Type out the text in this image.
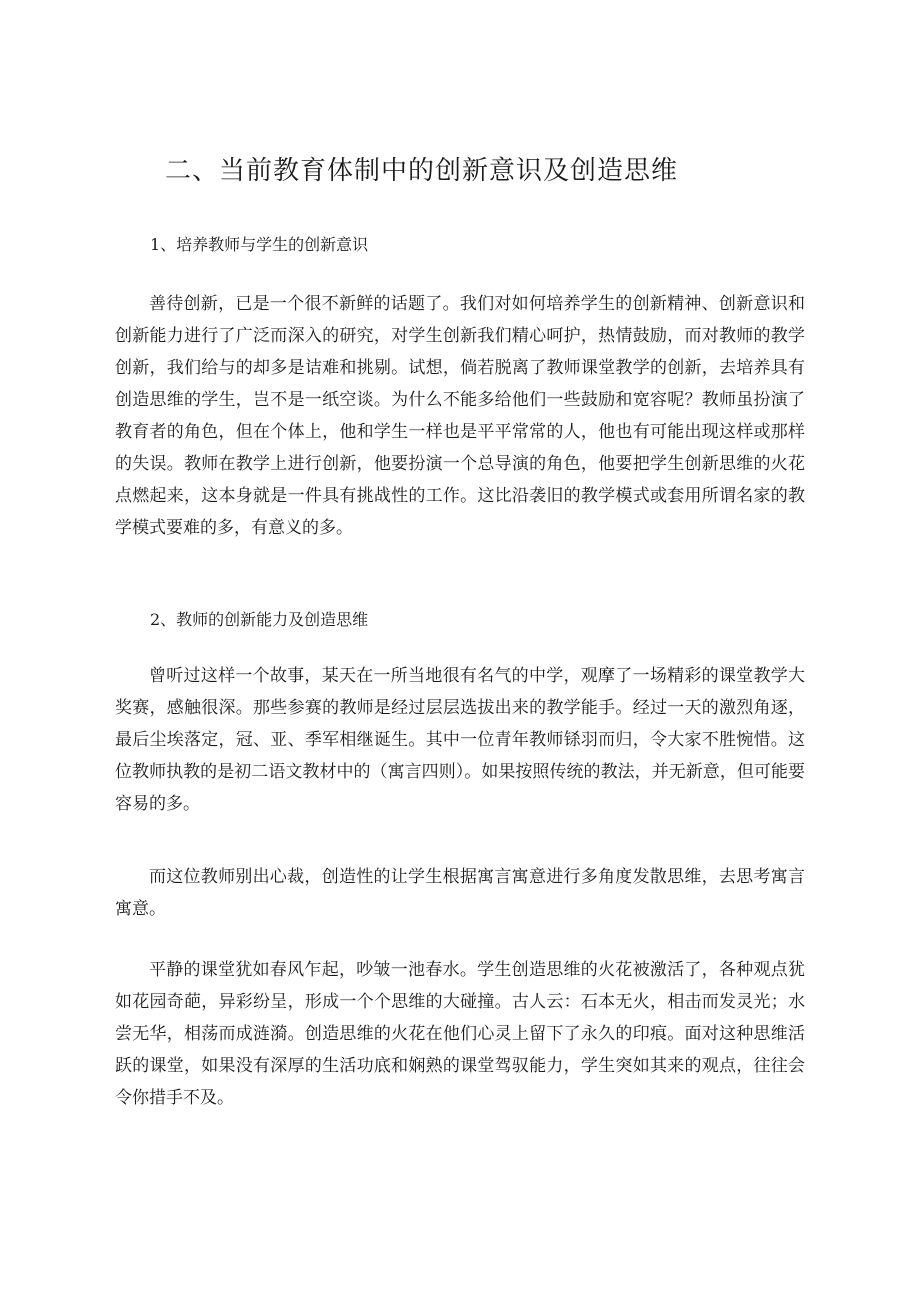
二、当前教育体制中的创新意识及创造思维
1、培养教师与学生的创新意识

善待创新，已是一个很不新鲜的话题了。我们对如何培养学生的创新精神、创新意识和创新能力进行了广泛而深入的研究，对学生创新我们精心呵护，热情鼓励，而对教师的教学创新，我们给与的却多是诘难和挑剔。试想，倘若脱离了教师课堂教学的创新，去培养具有创造思维的学生，岂不是一纸空谈。为什么不能多给他们一些鼓励和宽容呢？教师虽扮演了教育者的角色，但在个体上，他和学生一样也是平平常常的人，他也有可能出现这样或那样的失误。教师在教学上进行创新，他要扮演一个总导演的角色，他要把学生创新思维的火花点燃起来，这本身就是一件具有挑战性的工作。这比沿袭旧的教学模式或套用所谓名家的教学模式要难的多，有意义的多。

2、教师的创新能力及创造思维

曾听过这样一个故事，某天在一所当地很有名气的中学，观摩了一场精彩的课堂教学大奖赛，感触很深。那些参赛的教师是经过层层选拔出来的教学能手。经过一天的激烈角逐，最后尘埃落定，冠、亚、季军相继诞生。其中一位青年教师铩羽而归，令大家不胜惋惜。这位教师执教的是初二语文教材中的（寓言四则）。如果按照传统的教法，并无新意，但可能要容易的多。

而这位教师别出心裁，创造性的让学生根据寓言寓意进行多角度发散思维，去思考寓言寓意。

平静的课堂犹如春风乍起，吵皱一池春水。学生创造思维的火花被激活了，各种观点犹如花园奇葩，异彩纷呈，形成一个个思维的大碰撞。古人云：石本无火，相击而发灵光；水尝无华，相荡而成涟漪。创造思维的火花在他们心灵上留下了永久的印痕。面对这种思维活跃的课堂，如果没有深厚的生活功底和娴熟的课堂驾驭能力，学生突如其来的观点，往往会令你措手不及。
